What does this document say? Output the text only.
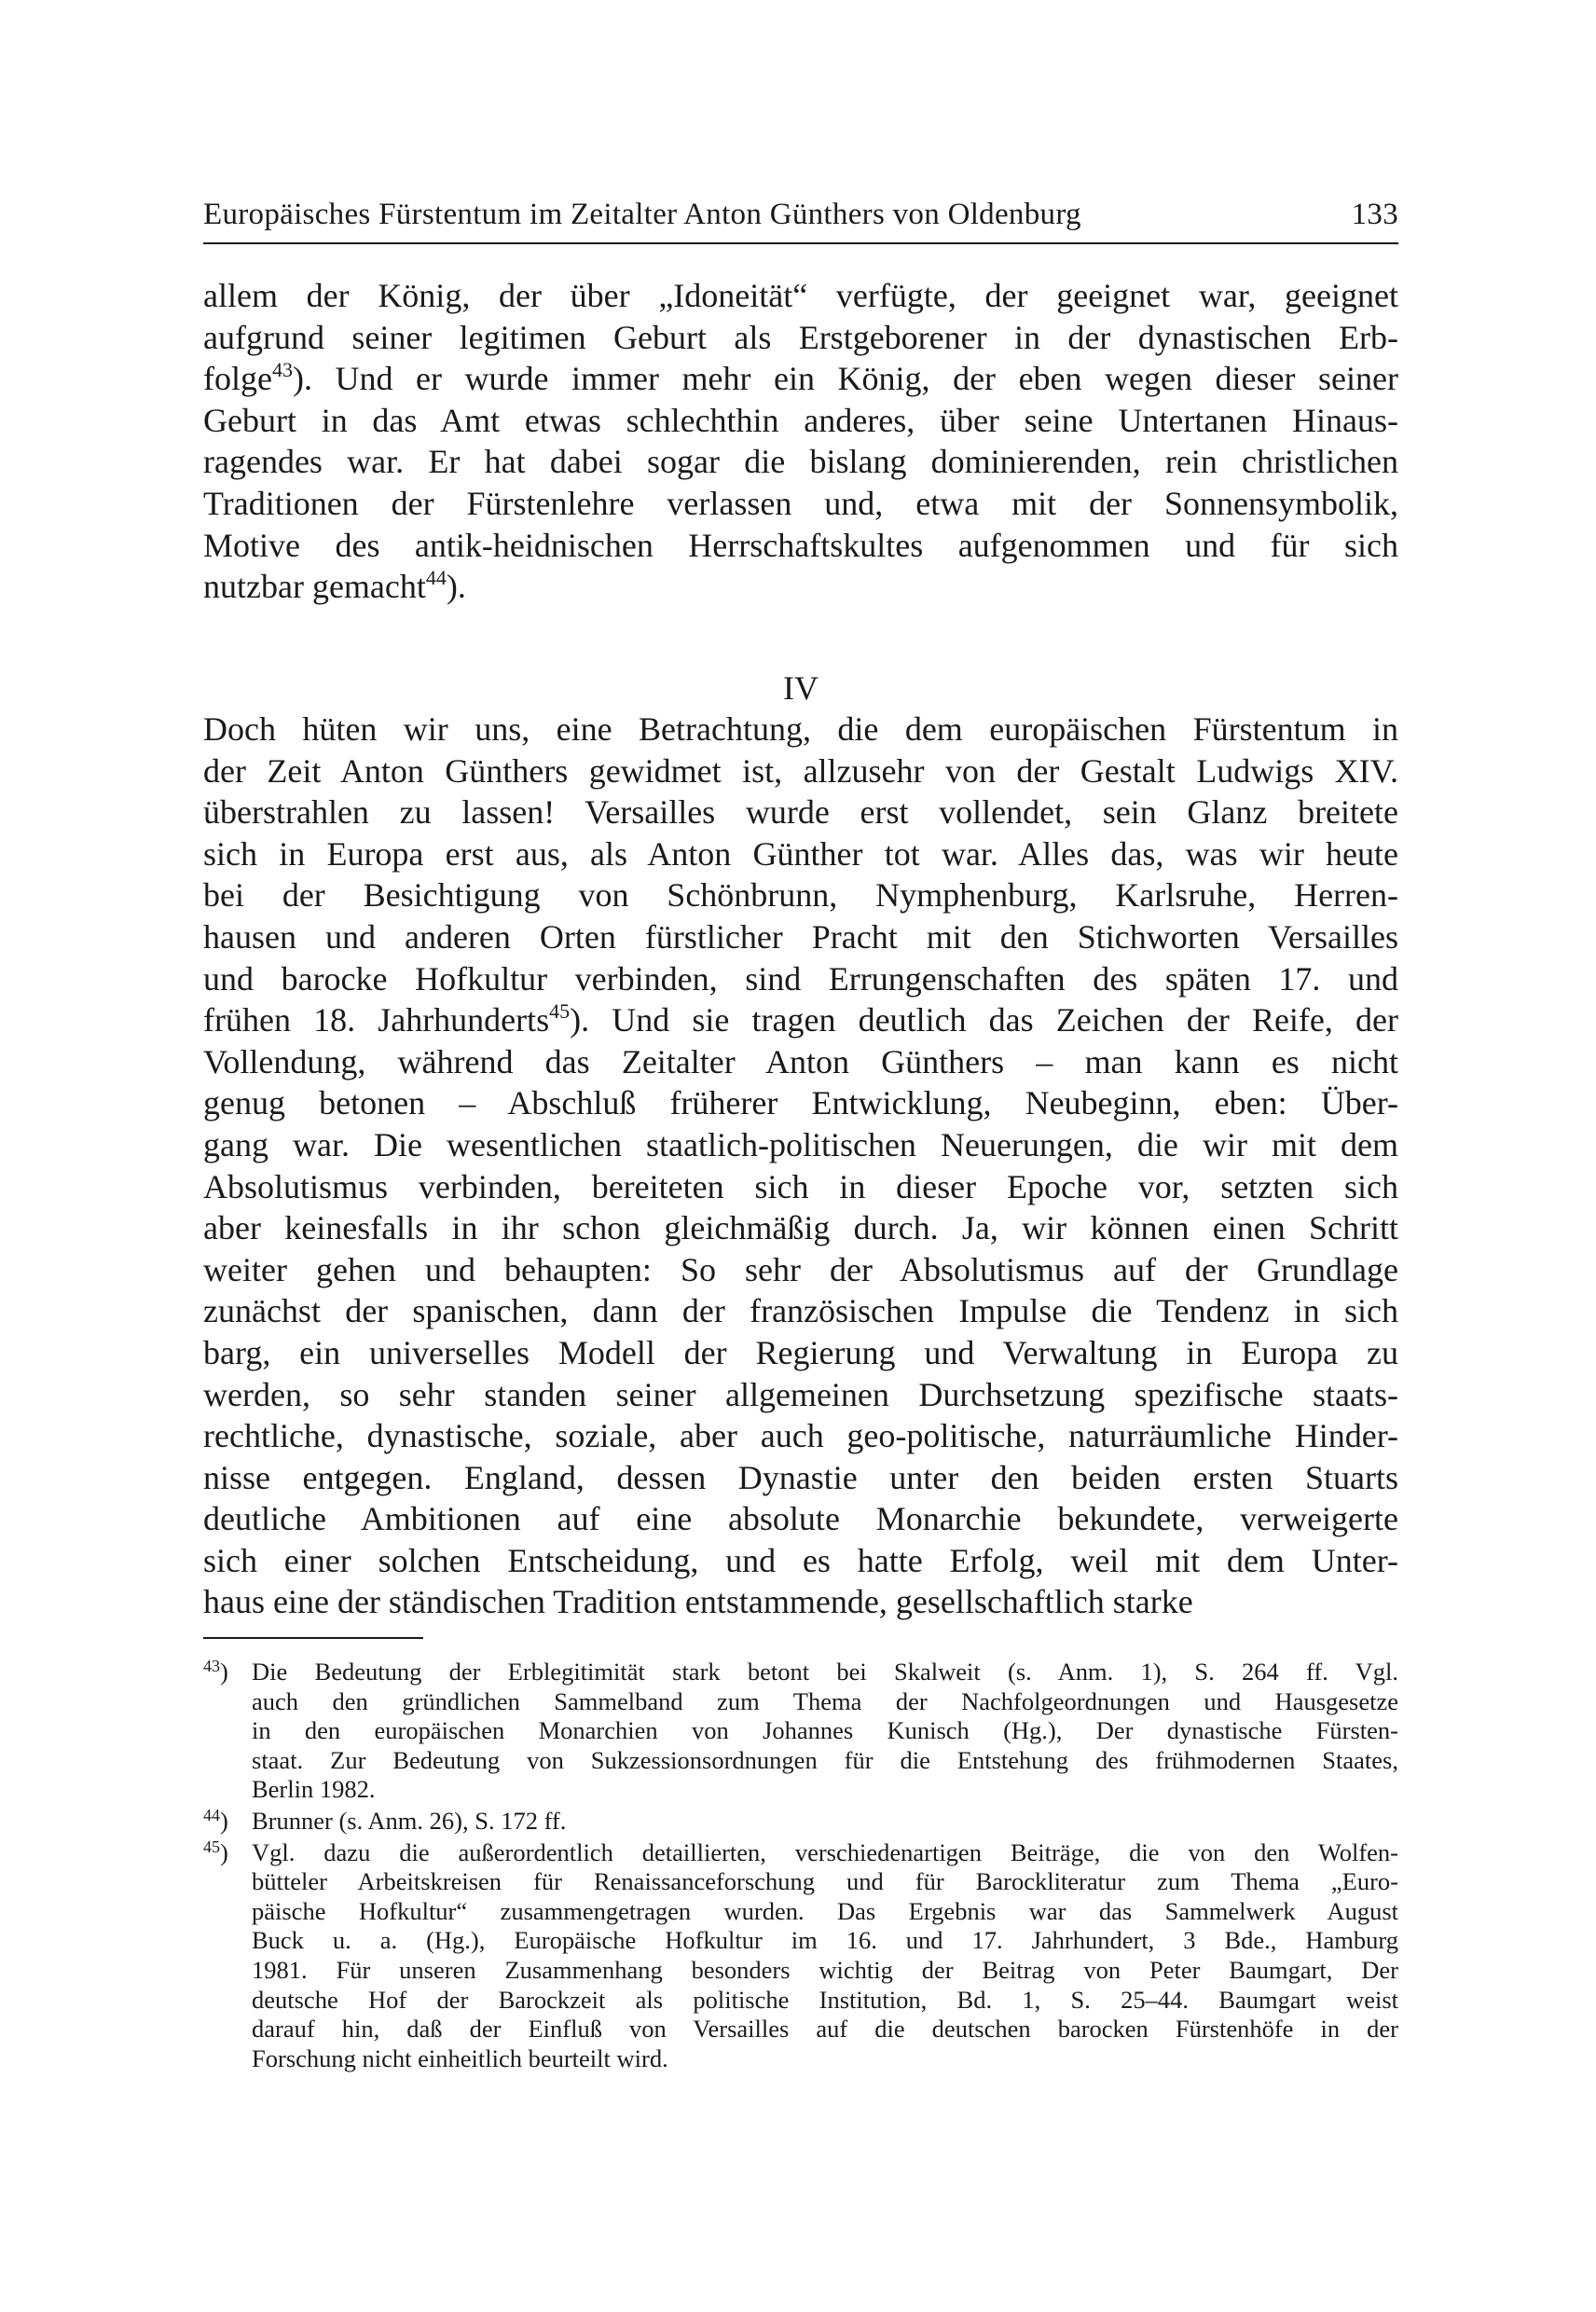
Europäisches Fürstentum im Zeitalter Anton Günthers von Oldenburg	133
allem der König, der über „Idoneität“ verfügte, der geeignet war, geeignet
aufgrund seiner legitimen Geburt als Erstgeborener in der dynastischen Erb-
folge$^{43}$). Und er wurde immer mehr ein König, der eben wegen dieser seiner
Geburt in das Amt etwas schlechthin anderes, über seine Untertanen Hinaus-
ragendes war. Er hat dabei sogar die bislang dominierenden, rein christlichen
Traditionen der Fürstenlehre verlassen und, etwa mit der Sonnensymbolik,
Motive des antik-heidnischen Herrschaftskultes aufgenommen und für sich
nutzbar gemacht$^{44}$).
IV
Doch hüten wir uns, eine Betrachtung, die dem europäischen Fürstentum in
der Zeit Anton Günthers gewidmet ist, allzusehr von der Gestalt Ludwigs XIV.
überstrahlen zu lassen! Versailles wurde erst vollendet, sein Glanz breitete
sich in Europa erst aus, als Anton Günther tot war. Alles das, was wir heute
bei der Besichtigung von Schönbrunn, Nymphenburg, Karlsruhe, Herren-
hausen und anderen Orten fürstlicher Pracht mit den Stichworten Versailles
und barocke Hofkultur verbinden, sind Errungenschaften des späten 17. und
frühen 18. Jahrhunderts$^{45}$). Und sie tragen deutlich das Zeichen der Reife, der
Vollendung, während das Zeitalter Anton Günthers – man kann es nicht
genug betonen – Abschluß früherer Entwicklung, Neubeginn, eben: Über-
gang war. Die wesentlichen staatlich-politischen Neuerungen, die wir mit dem
Absolutismus verbinden, bereiteten sich in dieser Epoche vor, setzten sich
aber keinesfalls in ihr schon gleichmäßig durch. Ja, wir können einen Schritt
weiter gehen und behaupten: So sehr der Absolutismus auf der Grundlage
zunächst der spanischen, dann der französischen Impulse die Tendenz in sich
barg, ein universelles Modell der Regierung und Verwaltung in Europa zu
werden, so sehr standen seiner allgemeinen Durchsetzung spezifische staats-
rechtliche, dynastische, soziale, aber auch geo-politische, naturräumliche Hinder-
nisse entgegen. England, dessen Dynastie unter den beiden ersten Stuarts
deutliche Ambitionen auf eine absolute Monarchie bekundete, verweigerte
sich einer solchen Entscheidung, und es hatte Erfolg, weil mit dem Unter-
haus eine der ständischen Tradition entstammende, gesellschaftlich starke
$^{43}$) Die Bedeutung der Erblegitimität stark betont bei Skalweit (s. Anm. 1), S. 264 ff. Vgl.
auch den gründlichen Sammelband zum Thema der Nachfolgeordnungen und Hausgesetze
in den europäischen Monarchien von Johannes Kunisch (Hg.), Der dynastische Fürsten-
staat. Zur Bedeutung von Sukzessionsordnungen für die Entstehung des frühmodernen Staates,
Berlin 1982.
$^{44}$) Brunner (s. Anm. 26), S. 172 ff.
$^{45}$) Vgl. dazu die außerordentlich detaillierten, verschiedenartigen Beiträge, die von den Wolfen-
bütteler Arbeitskreisen für Renaissanceforschung und für Barockliteratur zum Thema „Euro-
päische Hofkultur“ zusammengetragen wurden. Das Ergebnis war das Sammelwerk August
Buck u. a. (Hg.), Europäische Hofkultur im 16. und 17. Jahrhundert, 3 Bde., Hamburg
1981. Für unseren Zusammenhang besonders wichtig der Beitrag von Peter Baumgart, Der
deutsche Hof der Barockzeit als politische Institution, Bd. 1, S. 25–44. Baumgart weist
darauf hin, daß der Einfluß von Versailles auf die deutschen barocken Fürstenhöfe in der
Forschung nicht einheitlich beurteilt wird.
